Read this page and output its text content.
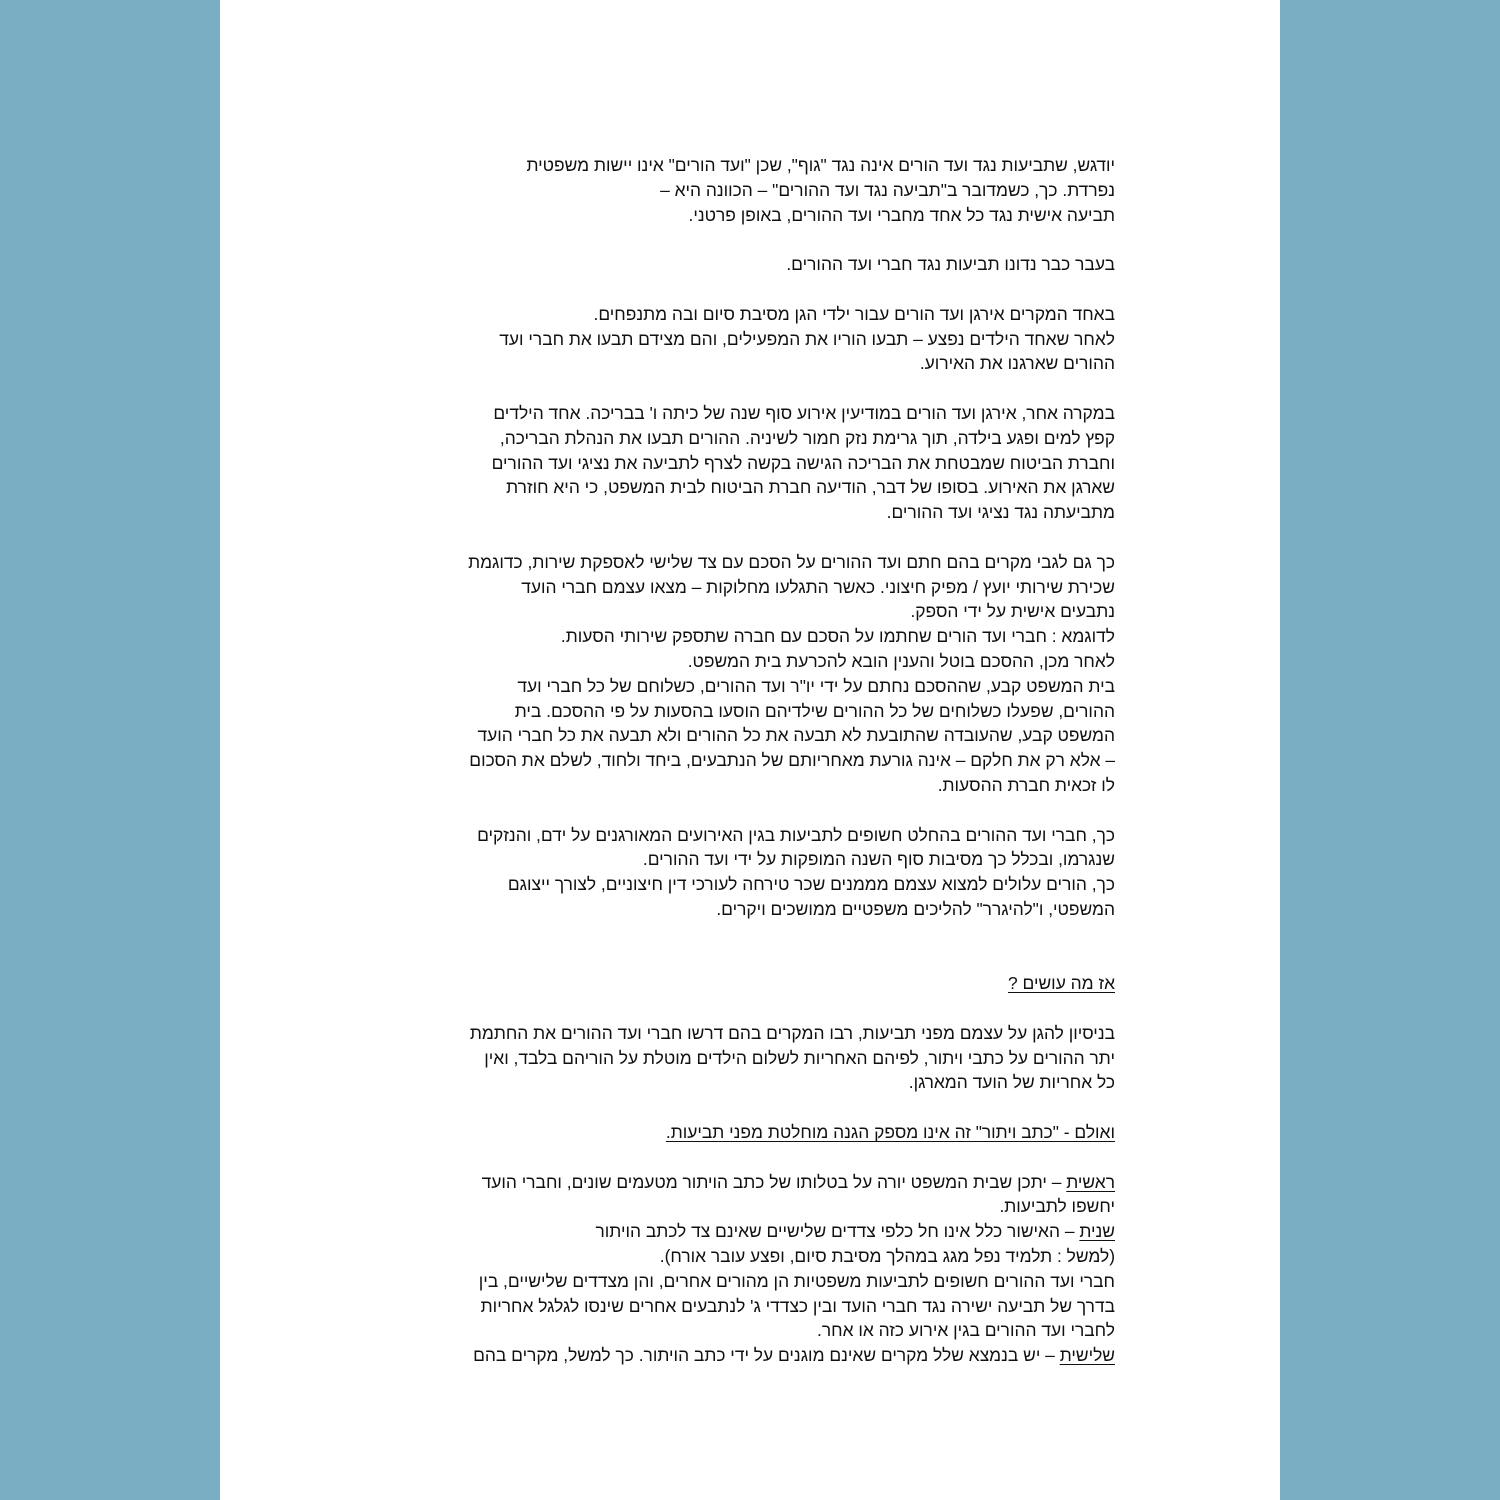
יודגש, שתביעות נגד ועד הורים אינה נגד "גוף", שכן "ועד הורים" אינו יישות משפטית
נפרדת. כך, כשמדובר ב"תביעה נגד ועד ההורים" – הכוונה היא –
תביעה אישית נגד כל אחד מחברי ועד ההורים, באופן פרטני.
בעבר כבר נדונו תביעות נגד חברי ועד ההורים.
באחד המקרים אירגן ועד הורים עבור ילדי הגן מסיבת סיום ובה מתנפחים.
לאחר שאחד הילדים נפצע – תבעו הוריו את המפעילים, והם מצידם תבעו את חברי ועד
ההורים שארגנו את האירוע.
במקרה אחר, אירגן ועד הורים במודיעין אירוע סוף שנה של כיתה ו' בבריכה. אחד הילדים
קפץ למים ופגע בילדה, תוך גרימת נזק חמור לשיניה. ההורים תבעו את הנהלת הבריכה,
וחברת הביטוח שמבטחת את הבריכה הגישה בקשה לצרף לתביעה את נציגי ועד ההורים
שארגן את האירוע. בסופו של דבר, הודיעה חברת הביטוח לבית המשפט, כי היא חוזרת
מתביעתה נגד נציגי ועד ההורים.
כך גם לגבי מקרים בהם חתם ועד ההורים על הסכם עם צד שלישי לאספקת שירות, כדוגמת
שכירת שירותי יועץ / מפיק חיצוני. כאשר התגלעו מחלוקות – מצאו עצמם חברי הועד
נתבעים אישית על ידי הספק.
לדוגמא : חברי ועד הורים שחתמו על הסכם עם חברה שתספק שירותי הסעות.
לאחר מכן, ההסכם בוטל והענין הובא להכרעת בית המשפט.
בית המשפט קבע, שההסכם נחתם על ידי יו"ר ועד ההורים, כשלוחם של כל חברי ועד
ההורים, שפעלו כשלוחים של כל ההורים שילדיהם הוסעו בהסעות על פי ההסכם. בית
המשפט קבע, שהעובדה שהתובעת לא תבעה את כל ההורים ולא תבעה את כל חברי הועד
– אלא רק את חלקם – אינה גורעת מאחריותם של הנתבעים, ביחד ולחוד, לשלם את הסכום
לו זכאית חברת ההסעות.
כך, חברי ועד ההורים בהחלט חשופים לתביעות בגין האירועים המאורגנים על ידם, והנזקים
שנגרמו, ובכלל כך מסיבות סוף השנה המופקות על ידי ועד ההורים.
כך, הורים עלולים למצוא עצמם מממנים שכר טירחה לעורכי דין חיצוניים, לצורך ייצוגם
המשפטי, ו"להיגרר" להליכים משפטיים ממושכים ויקרים.
אז מה עושים ?
בניסיון להגן על עצמם מפני תביעות, רבו המקרים בהם דרשו חברי ועד ההורים את החתמת
יתר ההורים על כתבי ויתור, לפיהם האחריות לשלום הילדים מוטלת על הוריהם בלבד, ואין
כל אחריות של הועד המארגן.
ואולם - "כתב ויתור" זה אינו מספק הגנה מוחלטת מפני תביעות.
ראשית – יתכן שבית המשפט יורה על בטלותו של כתב הויתור מטעמים שונים, וחברי הועד
יחשפו לתביעות.
שנית – האישור כלל אינו חל כלפי צדדים שלישיים שאינם צד לכתב הויתור
(למשל : תלמיד נפל מגג במהלך מסיבת סיום, ופצע עובר אורח).
חברי ועד ההורים חשופים לתביעות משפטיות הן מהורים אחרים, והן מצדדים שלישיים, בין
בדרך של תביעה ישירה נגד חברי הועד ובין כצדדי ג' לנתבעים אחרים שינסו לגלגל אחריות
לחברי ועד ההורים בגין אירוע כזה או אחר.
שלישית – יש בנמצא שלל מקרים שאינם מוגנים על ידי כתב הויתור. כך למשל, מקרים בהם
